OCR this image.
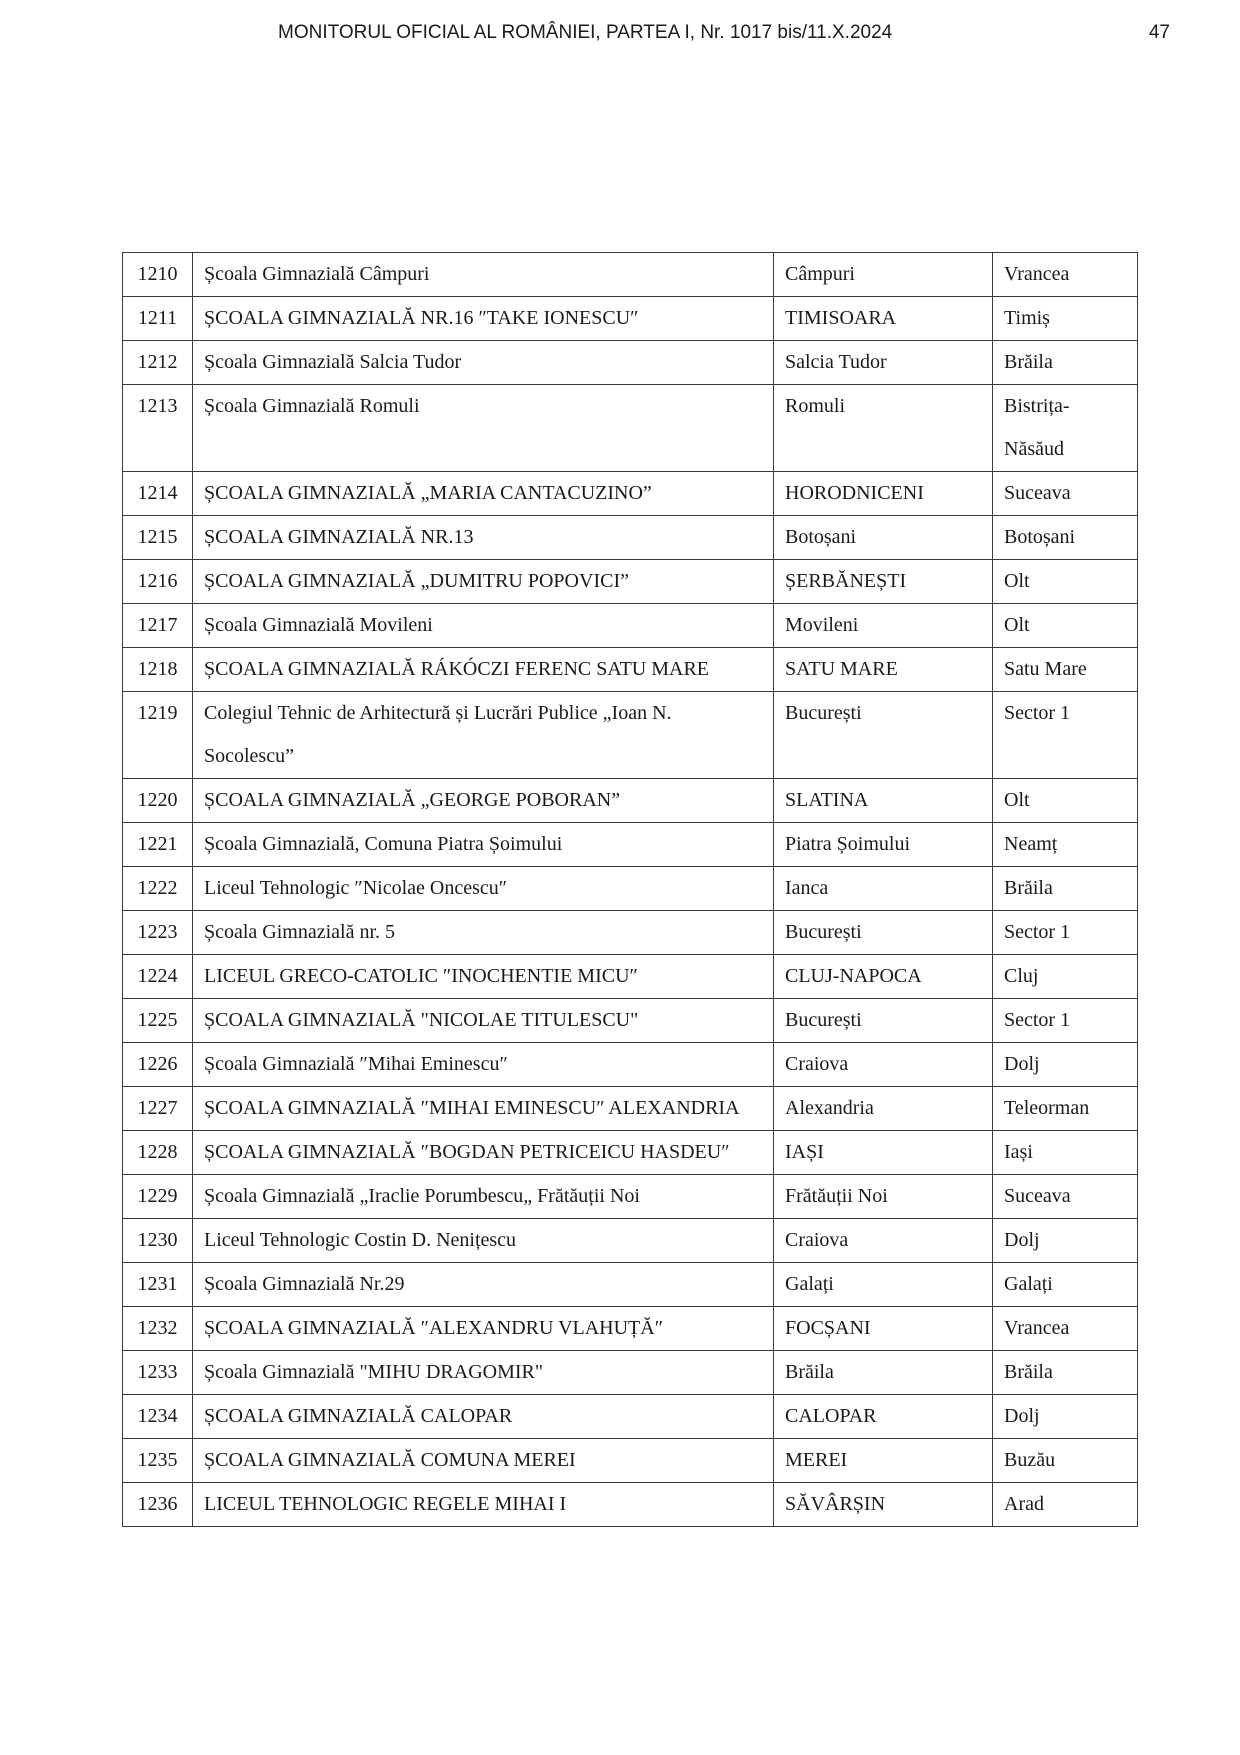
MONITORUL OFICIAL AL ROMÂNIEI, PARTEA I, Nr. 1017 bis/11.X.2024	47
1210	Școala Gimnazială Câmpuri	Câmpuri	Vrancea
1211	ȘCOALA GIMNAZIALĂ NR.16 ″TAKE IONESCU″	TIMISOARA	Timiș
1212	Școala Gimnazială Salcia Tudor	Salcia Tudor	Brăila
1213	Școala Gimnazială Romuli	Romuli	Bistrița-Năsăud
1214	ȘCOALA GIMNAZIALĂ „MARIA CANTACUZINO”	HORODNICENI	Suceava
1215	ȘCOALA GIMNAZIALĂ NR.13	Botoșani	Botoșani
1216	ȘCOALA GIMNAZIALĂ „DUMITRU POPOVICI”	ȘERBĂNEȘTI	Olt
1217	Școala Gimnazială Movileni	Movileni	Olt
1218	ȘCOALA GIMNAZIALĂ RÁKÓCZI FERENC SATU MARE	SATU MARE	Satu Mare
1219	Colegiul Tehnic de Arhitectură și Lucrări Publice „Ioan N. Socolescu”	București	Sector 1
1220	ȘCOALA GIMNAZIALĂ „GEORGE POBORAN”	SLATINA	Olt
1221	Școala Gimnazială, Comuna Piatra Șoimului	Piatra Șoimului	Neamț
1222	Liceul Tehnologic ″Nicolae Oncescu″	Ianca	Brăila
1223	Școala Gimnazială nr. 5	București	Sector 1
1224	LICEUL GRECO-CATOLIC ″INOCHENTIE MICU″	CLUJ-NAPOCA	Cluj
1225	ȘCOALA GIMNAZIALĂ "NICOLAE TITULESCU"	București	Sector 1
1226	Școala Gimnazială ″Mihai Eminescu″	Craiova	Dolj
1227	ȘCOALA GIMNAZIALĂ ″MIHAI EMINESCU″ ALEXANDRIA	Alexandria	Teleorman
1228	ȘCOALA GIMNAZIALĂ ″BOGDAN PETRICEICU HASDEU″	IAȘI	Iași
1229	Școala Gimnazială „Iraclie Porumbescu„ Frătăuții Noi	Frătăuții Noi	Suceava
1230	Liceul Tehnologic Costin D. Nenițescu	Craiova	Dolj
1231	Școala Gimnazială Nr.29	Galați	Galați
1232	ȘCOALA GIMNAZIALĂ ″ALEXANDRU VLAHUȚĂ″	FOCȘANI	Vrancea
1233	Școala Gimnazială "MIHU DRAGOMIR"	Brăila	Brăila
1234	ȘCOALA GIMNAZIALĂ CALOPAR	CALOPAR	Dolj
1235	ȘCOALA GIMNAZIALĂ COMUNA MEREI	MEREI	Buzău
1236	LICEUL TEHNOLOGIC REGELE MIHAI I	SĂVÂRȘIN	Arad
